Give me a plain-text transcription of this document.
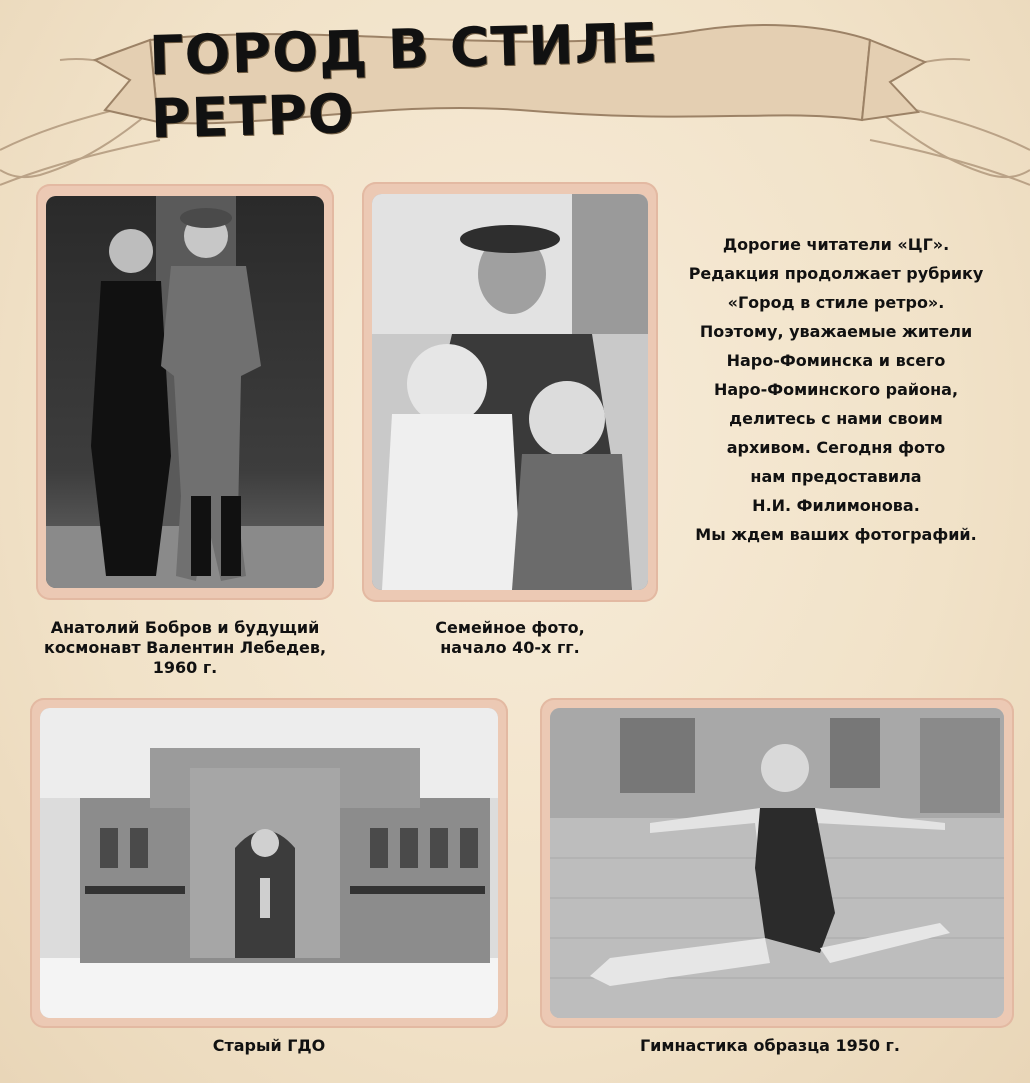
ГОРОД В СТИЛЕ РЕТРО
Анатолий Бобров и будущий
космонавт Валентин Лебедев,
1960 г.
Семейное фото,
начало 40-х гг.
Дорогие читатели «ЦГ».
Редакция продолжает рубрику
«Город в стиле ретро».
Поэтому, уважаемые жители
Наро-Фоминска и всего
Наро-Фоминского района,
делитесь с нами своим
архивом. Сегодня фото
нам предоставила
Н.И. Филимонова.
Мы ждем ваших фотографий.
Старый ГДО	Гимнастика образца 1950 г.
